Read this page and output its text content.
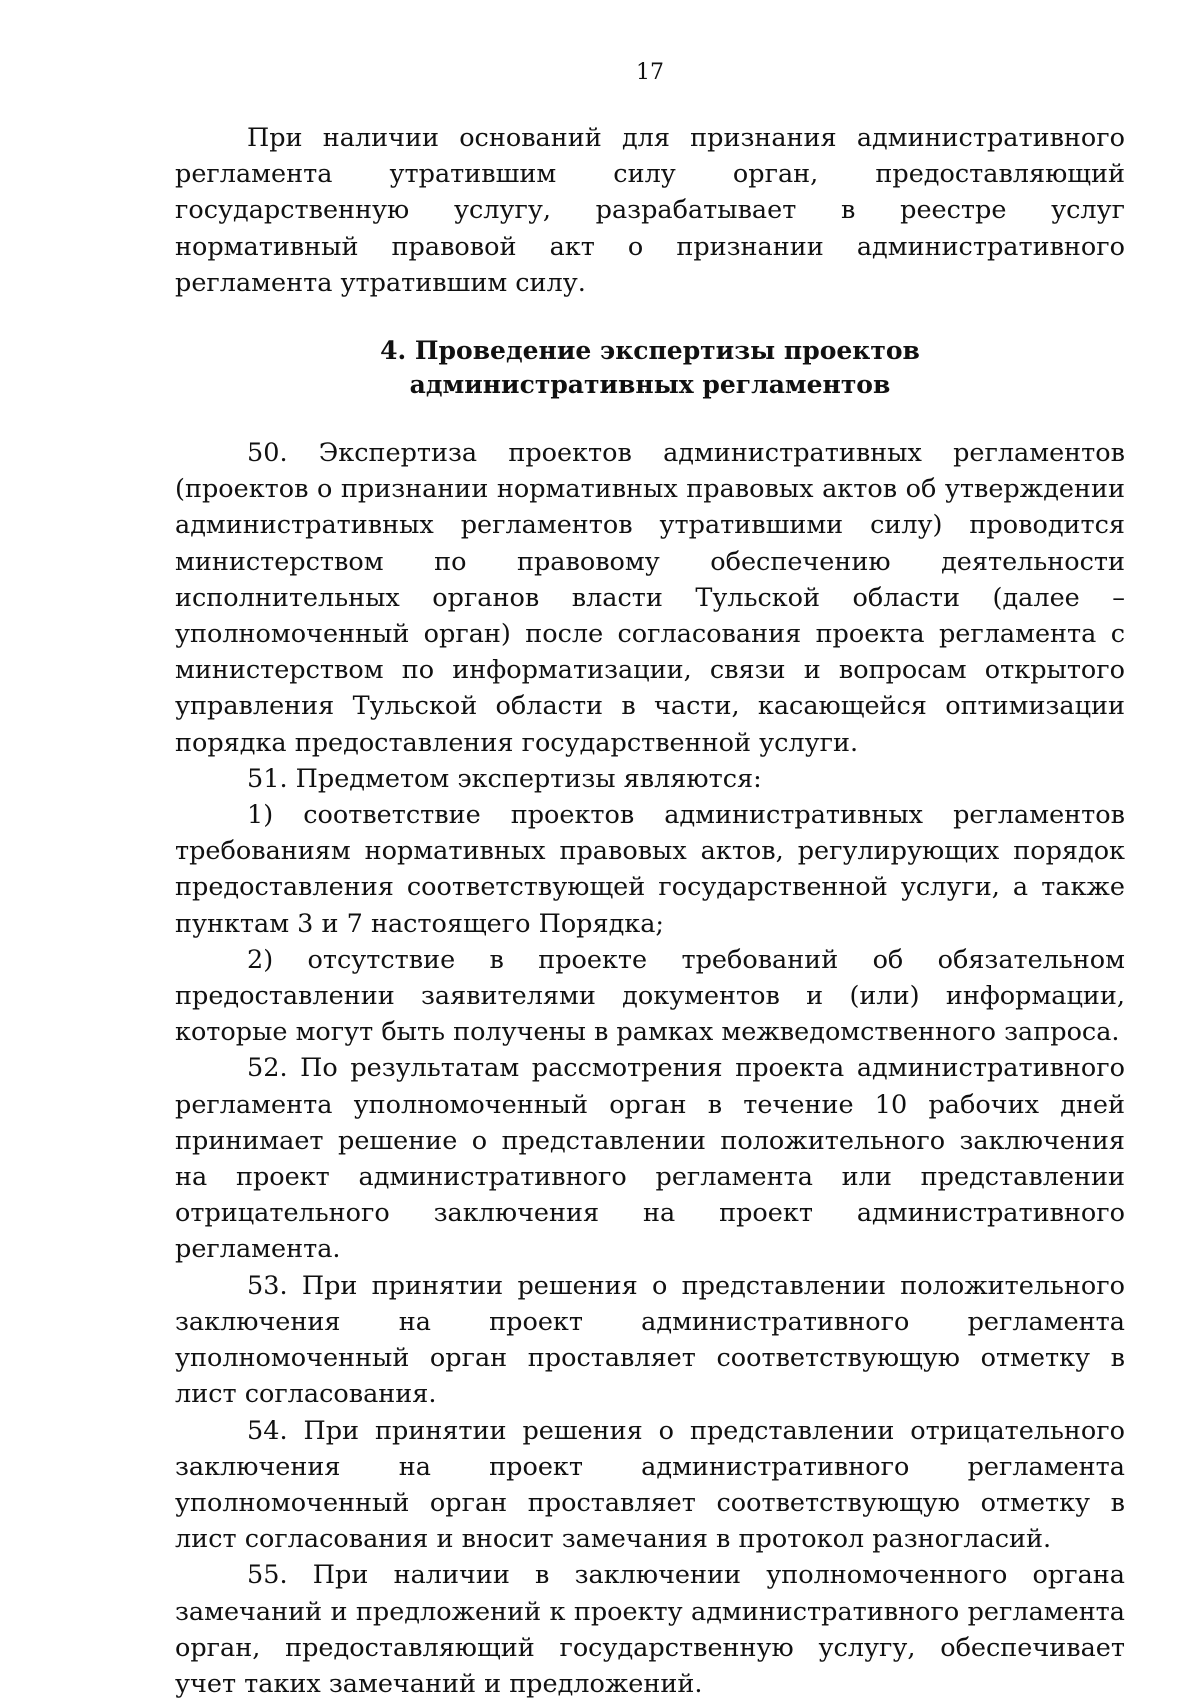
17

При наличии оснований для признания административного регламента утратившим силу орган, предоставляющий государственную услугу, разрабатывает в реестре услуг нормативный правовой акт о признании административного регламента утратившим силу.

4. Проведение экспертизы проектов
административных регламентов

50. Экспертиза проектов административных регламентов (проектов о признании нормативных правовых актов об утверждении административных регламентов утратившими силу) проводится министерством по правовому обеспечению деятельности исполнительных органов власти Тульской области (далее – уполномоченный орган) после согласования проекта регламента с министерством по информатизации, связи и вопросам открытого управления Тульской области в части, касающейся оптимизации порядка предоставления государственной услуги.

51. Предметом экспертизы являются:

1) соответствие проектов административных регламентов требованиям нормативных правовых актов, регулирующих порядок предоставления соответствующей государственной услуги, а также пунктам 3 и 7 настоящего Порядка;

2) отсутствие в проекте требований об обязательном предоставлении заявителями документов и (или) информации, которые могут быть получены в рамках межведомственного запроса.

52. По результатам рассмотрения проекта административного регламента уполномоченный орган в течение 10 рабочих дней принимает решение о представлении положительного заключения на проект административного регламента или представлении отрицательного заключения на проект административного регламента.

53. При принятии решения о представлении положительного заключения на проект административного регламента уполномоченный орган проставляет соответствующую отметку в лист согласования.

54. При принятии решения о представлении отрицательного заключения на проект административного регламента уполномоченный орган проставляет соответствующую отметку в лист согласования и вносит замечания в протокол разногласий.

55. При наличии в заключении уполномоченного органа замечаний и предложений к проекту административного регламента орган, предоставляющий государственную услугу, обеспечивает учет таких замечаний и предложений.
